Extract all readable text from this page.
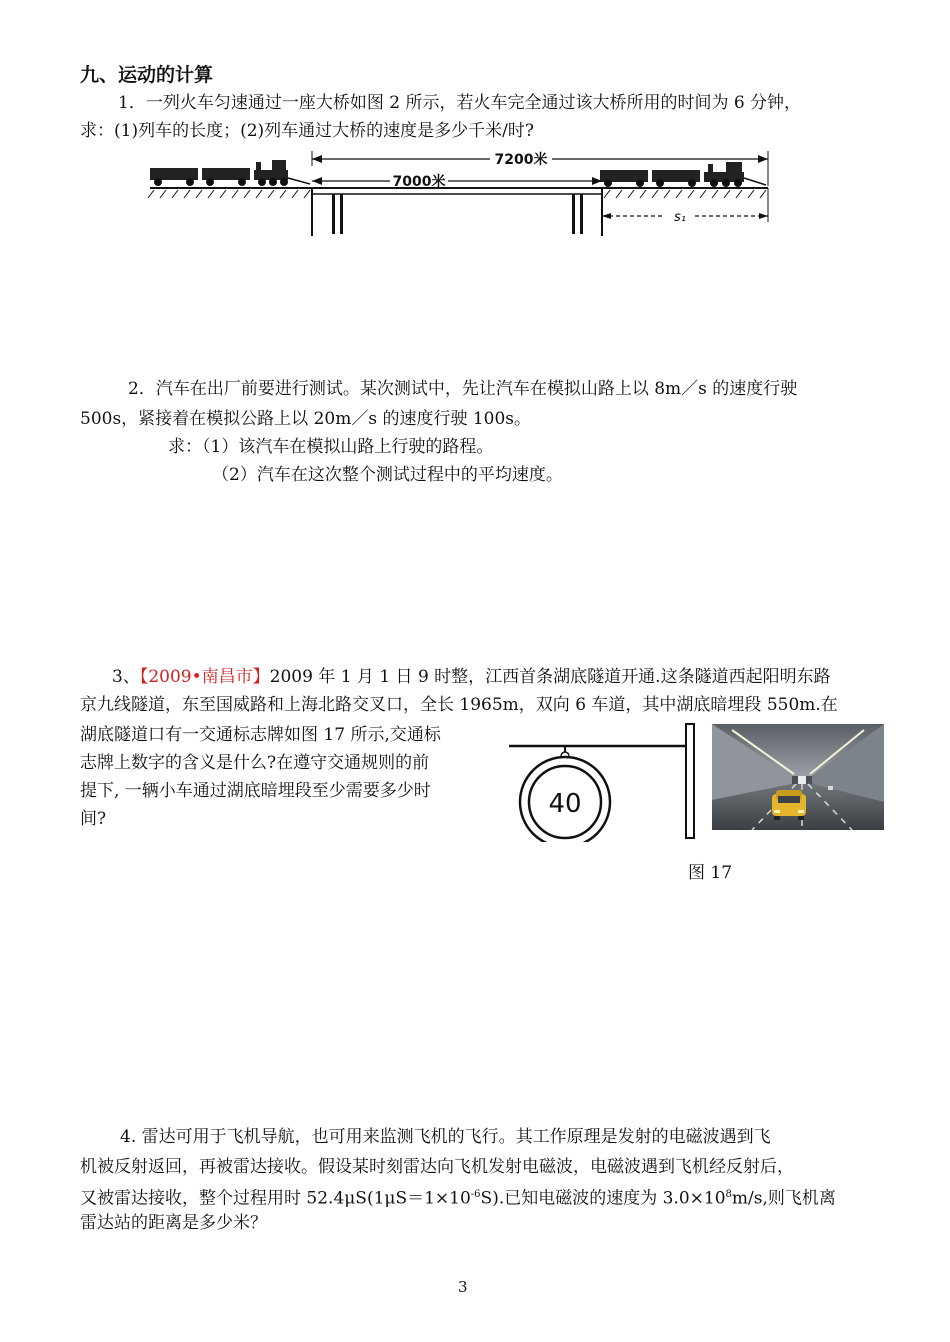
九、运动的计算
1．一列火车匀速通过一座大桥如图 2 所示，若火车完全通过该大桥所用的时间为 6 分钟，
求：(1)列车的长度；(2)列车通过大桥的速度是多少千米/时?
7200米
7000米
s₁
2．汽车在出厂前要进行测试。某次测试中，先让汽车在模拟山路上以 8m／s 的速度行驶
500s，紧接着在模拟公路上以 20m／s 的速度行驶 100s。
求：（1）该汽车在模拟山路上行驶的路程。
（2）汽车在这次整个测试过程中的平均速度。
3、【2009•南昌市】2009 年 1 月 1 日 9 时整，江西首条湖底隧道开通.这条隧道西起阳明东路
京九线隧道，东至国威路和上海北路交叉口，全长 1965m，双向 6 车道，其中湖底暗埋段 550m.在
湖底隧道口有一交通标志牌如图 17 所示,交通标
志牌上数字的含义是什么?在遵守交通规则的前
提下, 一辆小车通过湖底暗埋段至少需要多少时
间?	40
图 17
4. 雷达可用于飞机导航，也可用来监测飞机的飞行。其工作原理是发射的电磁波遇到飞
机被反射返回，再被雷达接收。假设某时刻雷达向飞机发射电磁波，电磁波遇到飞机经反射后，
又被雷达接收，整个过程用时 $52.4\mu S(1\mu S=1\times 10^{-6}S)$.已知电磁波的速度为 $3.0\times 10^8m/s$,则飞机离
雷达站的距离是多少米？
3
